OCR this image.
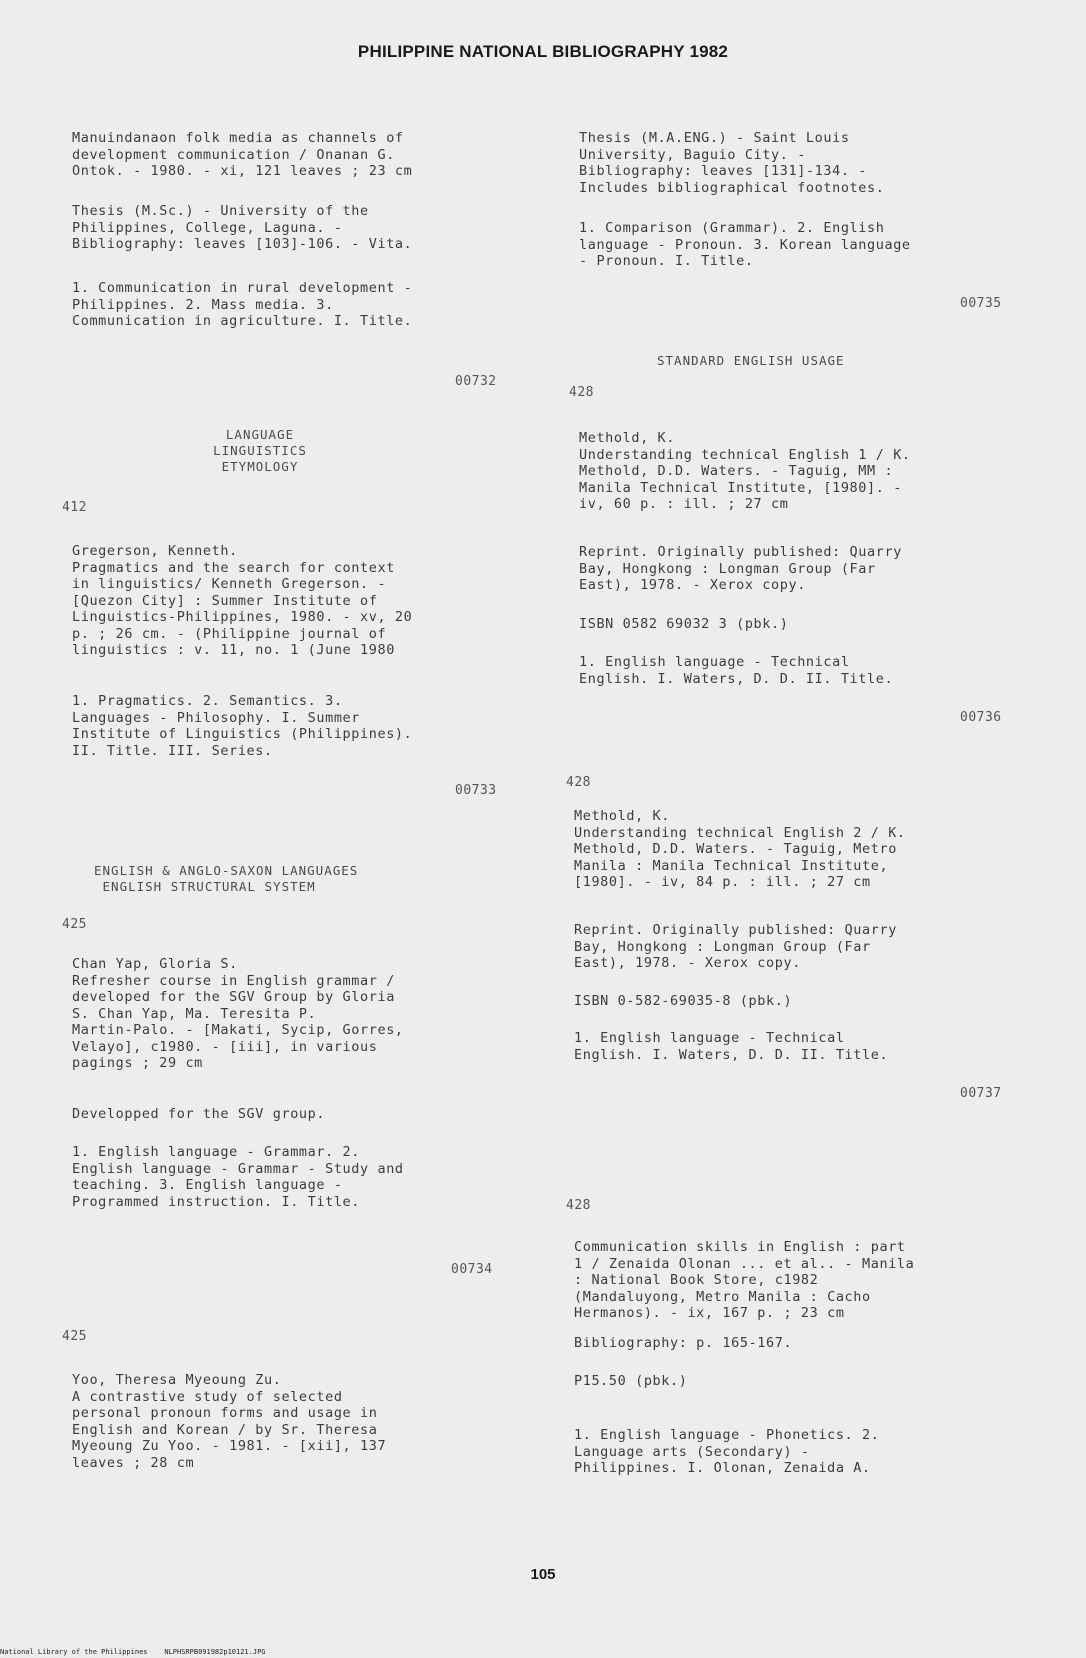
PHILIPPINE NATIONAL BIBLIOGRAPHY 1982
Manuindanaon folk media as channels of
development communication / Onanan G.
Ontok. - 1980. - xi, 121 leaves ; 23 cm
Thesis (M.Sc.) - University of the
Philippines, College, Laguna. -
Bibliography: leaves [103]-106. - Vita.
1. Communication in rural development -
Philippines. 2. Mass media. 3.
Communication in agriculture. I. Title.
00732
LANGUAGE
LINGUISTICS
ETYMOLOGY
412
Gregerson, Kenneth.
Pragmatics and the search for context
in linguistics/ Kenneth Gregerson. -
[Quezon City] : Summer Institute of
Linguistics-Philippines, 1980. - xv, 20
p. ; 26 cm. - (Philippine journal of
linguistics : v. 11, no. 1 (June 1980
1. Pragmatics. 2. Semantics. 3.
Languages - Philosophy. I. Summer
Institute of Linguistics (Philippines).
II. Title. III. Series.
00733
ENGLISH & ANGLO-SAXON LANGUAGES
ENGLISH STRUCTURAL SYSTEM
425
Chan Yap, Gloria S.
Refresher course in English grammar /
developed for the SGV Group by Gloria
S. Chan Yap, Ma. Teresita P.
Martin-Palo. - [Makati, Sycip, Gorres,
Velayo], c1980. - [iii], in various
pagings ; 29 cm
Developped for the SGV group.
1. English language - Grammar. 2.
English language - Grammar - Study and
teaching. 3. English language -
Programmed instruction. I. Title.
00734
425
Yoo, Theresa Myeoung Zu.
A contrastive study of selected
personal pronoun forms and usage in
English and Korean / by Sr. Theresa
Myeoung Zu Yoo. - 1981. - [xii], 137
leaves ; 28 cm
Thesis (M.A.ENG.) - Saint Louis
University, Baguio City. -
Bibliography: leaves [131]-134. -
Includes bibliographical footnotes.
1. Comparison (Grammar). 2. English
language - Pronoun. 3. Korean language
- Pronoun. I. Title.
00735
STANDARD ENGLISH USAGE
428
Methold, K.
Understanding technical English 1 / K.
Methold, D.D. Waters. - Taguig, MM :
Manila Technical Institute, [1980]. -
iv, 60 p. : ill. ; 27 cm
Reprint. Originally published: Quarry
Bay, Hongkong : Longman Group (Far
East), 1978. - Xerox copy.
ISBN 0582 69032 3 (pbk.)
1. English language - Technical
English. I. Waters, D. D. II. Title.
00736
428
Methold, K.
Understanding technical English 2 / K.
Methold, D.D. Waters. - Taguig, Metro
Manila : Manila Technical Institute,
[1980]. - iv, 84 p. : ill. ; 27 cm
Reprint. Originally published: Quarry
Bay, Hongkong : Longman Group (Far
East), 1978. - Xerox copy.
ISBN 0-582-69035-8 (pbk.)
1. English language - Technical
English. I. Waters, D. D. II. Title.
00737
428
Communication skills in English : part
1 / Zenaida Olonan ... et al.. - Manila
: National Book Store, c1982
(Mandaluyong, Metro Manila : Cacho
Hermanos). - ix, 167 p. ; 23 cm
Bibliography: p. 165-167.
P15.50 (pbk.)
1. English language - Phonetics. 2.
Language arts (Secondary) -
Philippines. I. Olonan, Zenaida A.
105
National Library of the Philippines    NLPHSRPB091982p10121.JPG
